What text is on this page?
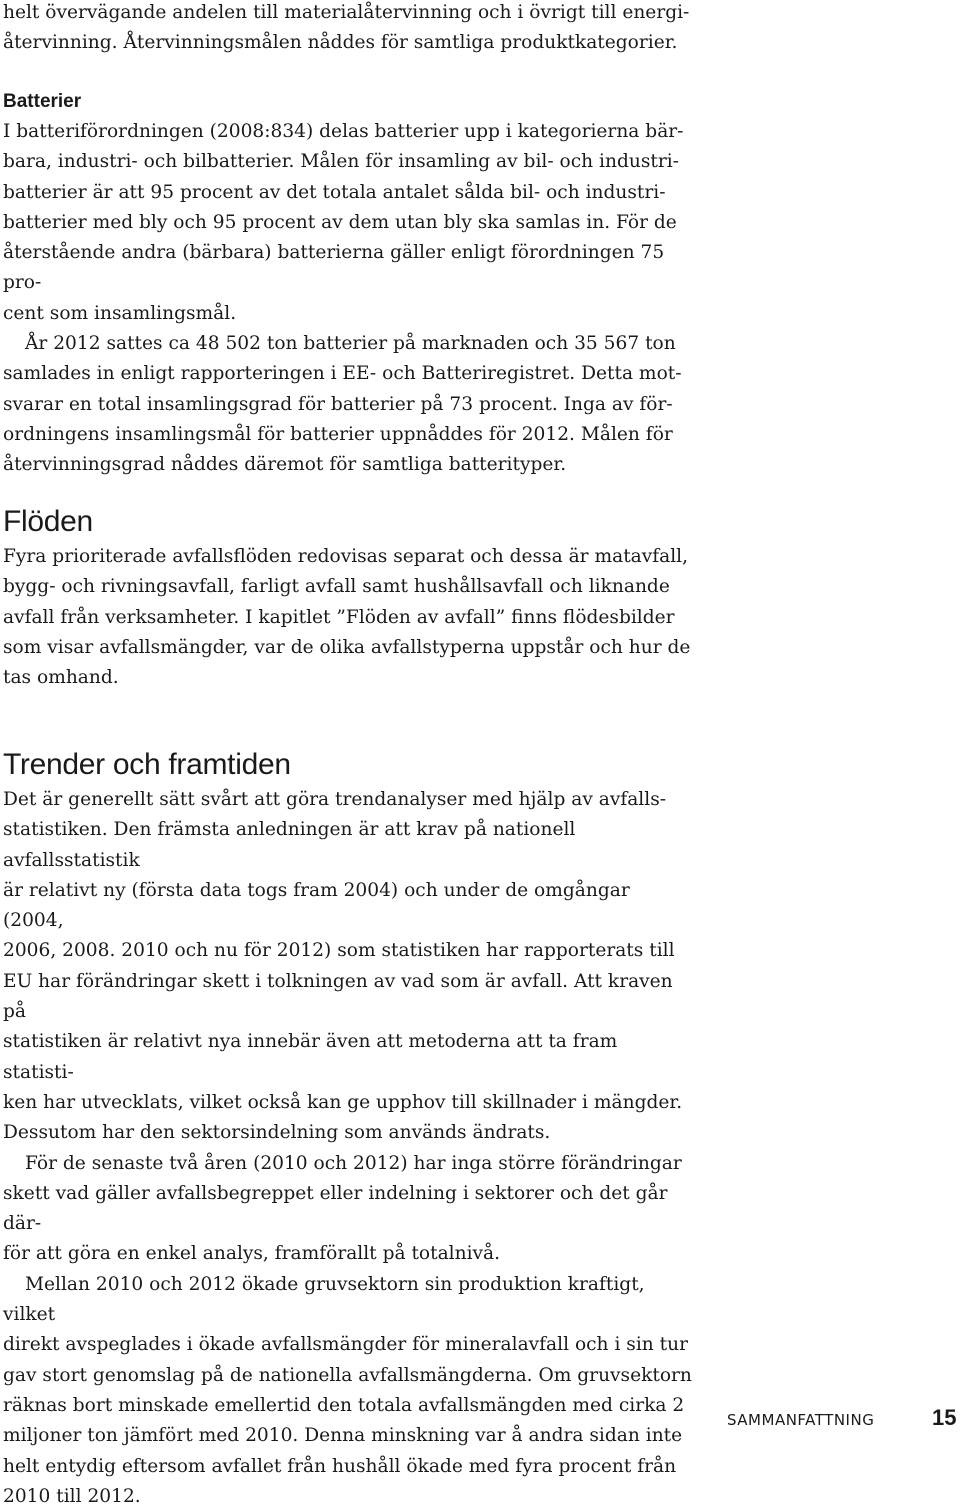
helt övervägande andelen till materialåtervinning och i övrigt till energi-
återvinning. Återvinningsmålen nåddes för samtliga produktkategorier.

Batterier

I batteriförordningen (2008:834) delas batterier upp i kategorierna bär-
bara, industri- och bilbatterier. Målen för insamling av bil- och industri-
batterier är att 95 procent av det totala antalet sålda bil- och industri-
batterier med bly och 95 procent av dem utan bly ska samlas in. För de
återstående andra (bärbara) batterierna gäller enligt förordningen 75 pro-
cent som insamlingsmål.

År 2012 sattes ca 48 502 ton batterier på marknaden och 35 567 ton
samlades in enligt rapporteringen i EE- och Batteriregistret. Detta mot-
svarar en total insamlingsgrad för batterier på 73 procent. Inga av för-
ordningens insamlingsmål för batterier uppnåddes för 2012. Målen för
återvinningsgrad nåddes däremot för samtliga batterityper.

Flöden

Fyra prioriterade avfallsflöden redovisas separat och dessa är matavfall,
bygg- och rivningsavfall, farligt avfall samt hushållsavfall och liknande
avfall från verksamheter. I kapitlet ”Flöden av avfall” finns flödesbilder
som visar avfallsmängder, var de olika avfallstyperna uppstår och hur de
tas omhand.

Trender och framtiden

Det är generellt sätt svårt att göra trendanalyser med hjälp av avfalls-
statistiken. Den främsta anledningen är att krav på nationell avfallsstatistik
är relativt ny (första data togs fram 2004) och under de omgångar (2004,
2006, 2008. 2010 och nu för 2012) som statistiken har rapporterats till
EU har förändringar skett i tolkningen av vad som är avfall. Att kraven på
statistiken är relativt nya innebär även att metoderna att ta fram statisti-
ken har utvecklats, vilket också kan ge upphov till skillnader i mängder.
Dessutom har den sektorsindelning som används ändrats.

För de senaste två åren (2010 och 2012) har inga större förändringar
skett vad gäller avfallsbegreppet eller indelning i sektorer och det går där-
för att göra en enkel analys, framförallt på totalnivå.

Mellan 2010 och 2012 ökade gruvsektorn sin produktion kraftigt, vilket
direkt avspeglades i ökade avfallsmängder för mineralavfall och i sin tur
gav stort genomslag på de nationella avfallsmängderna. Om gruvsektorn
räknas bort minskade emellertid den totala avfallsmängden med cirka 2
miljoner ton jämfört med 2010. Denna minskning var å andra sidan inte
helt entydig eftersom avfallet från hushåll ökade med fyra procent från
2010 till 2012.

SAMMANFATTNING	15
